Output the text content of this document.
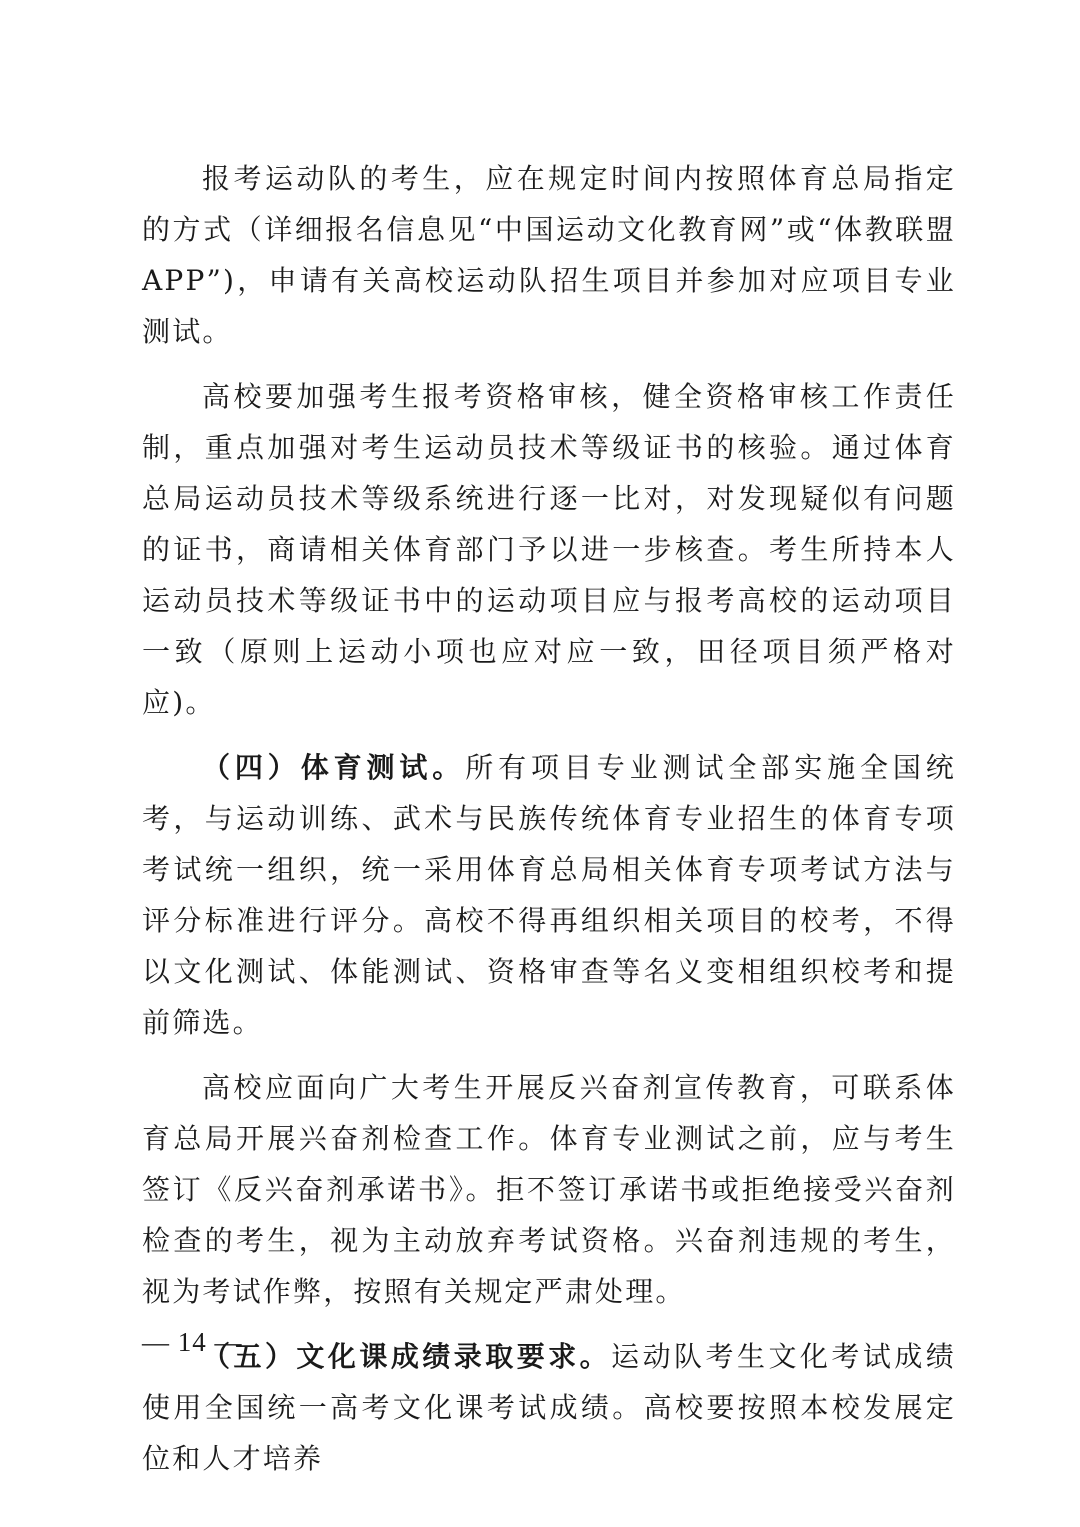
报考运动队的考生，应在规定时间内按照体育总局指定的方式（详细报名信息见“中国运动文化教育网”或“体教联盟APP”)，申请有关高校运动队招生项目并参加对应项目专业测试。

高校要加强考生报考资格审核，健全资格审核工作责任制，重点加强对考生运动员技术等级证书的核验。通过体育总局运动员技术等级系统进行逐一比对，对发现疑似有问题的证书，商请相关体育部门予以进一步核查。考生所持本人运动员技术等级证书中的运动项目应与报考高校的运动项目一致（原则上运动小项也应对应一致，田径项目须严格对应)。

（四）体育测试。所有项目专业测试全部实施全国统考，与运动训练、武术与民族传统体育专业招生的体育专项考试统一组织，统一采用体育总局相关体育专项考试方法与评分标准进行评分。高校不得再组织相关项目的校考，不得以文化测试、体能测试、资格审查等名义变相组织校考和提前筛选。

高校应面向广大考生开展反兴奋剂宣传教育，可联系体育总局开展兴奋剂检查工作。体育专业测试之前，应与考生签订《反兴奋剂承诺书》。拒不签订承诺书或拒绝接受兴奋剂检查的考生，视为主动放弃考试资格。兴奋剂违规的考生，视为考试作弊，按照有关规定严肃处理。

（五）文化课成绩录取要求。运动队考生文化考试成绩使用全国统一高考文化课考试成绩。高校要按照本校发展定位和人才培养

— 14 —
